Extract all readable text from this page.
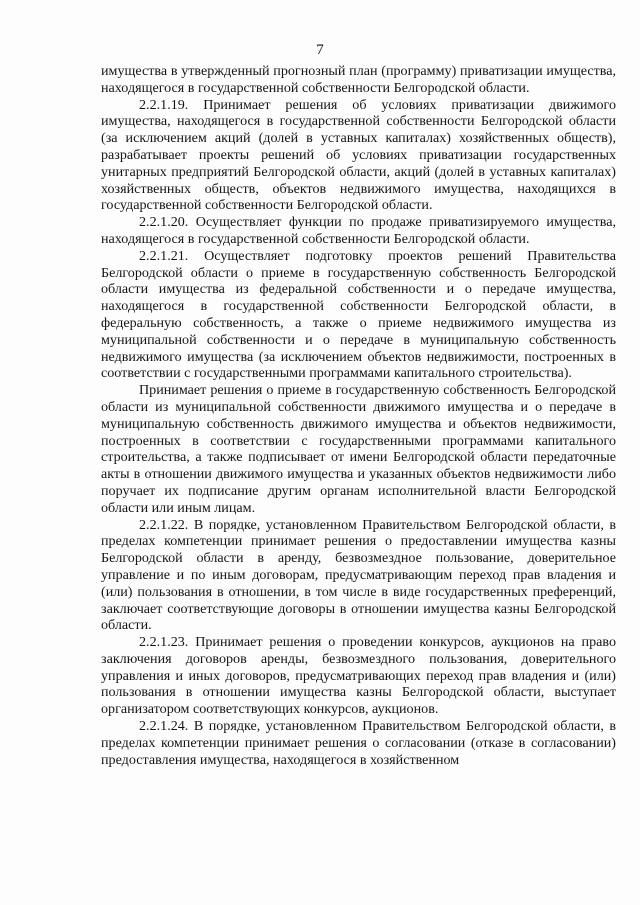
7

имущества в утвержденный прогнозный план (программу) приватизации имущества, находящегося в государственной собственности Белгородской области.

2.2.1.19. Принимает решения об условиях приватизации движимого имущества, находящегося в государственной собственности Белгородской области (за исключением акций (долей в уставных капиталах) хозяйственных обществ), разрабатывает проекты решений об условиях приватизации государственных унитарных предприятий Белгородской области, акций (долей в уставных капиталах) хозяйственных обществ, объектов недвижимого имущества, находящихся в государственной собственности Белгородской области.

2.2.1.20. Осуществляет функции по продаже приватизируемого имущества, находящегося в государственной собственности Белгородской области.

2.2.1.21. Осуществляет подготовку проектов решений Правительства Белгородской области о приеме в государственную собственность Белгородской области имущества из федеральной собственности и о передаче имущества, находящегося в государственной собственности Белгородской области, в федеральную собственность, а также о приеме недвижимого имущества из муниципальной собственности и о передаче в муниципальную собственность недвижимого имущества (за исключением объектов недвижимости, построенных в соответствии с государственными программами капитального строительства).

Принимает решения о приеме в государственную собственность Белгородской области из муниципальной собственности движимого имущества и о передаче в муниципальную собственность движимого имущества и объектов недвижимости, построенных в соответствии с государственными программами капитального строительства, а также подписывает от имени Белгородской области передаточные акты в отношении движимого имущества и указанных объектов недвижимости либо поручает их подписание другим органам исполнительной власти Белгородской области или иным лицам.

2.2.1.22. В порядке, установленном Правительством Белгородской области, в пределах компетенции принимает решения о предоставлении имущества казны Белгородской области в аренду, безвозмездное пользование, доверительное управление и по иным договорам, предусматривающим переход прав владения и (или) пользования в отношении, в том числе в виде государственных преференций, заключает соответствующие договоры в отношении имущества казны Белгородской области.

2.2.1.23. Принимает решения о проведении конкурсов, аукционов на право заключения договоров аренды, безвозмездного пользования, доверительного управления и иных договоров, предусматривающих переход прав владения и (или) пользования в отношении имущества казны Белгородской области, выступает организатором соответствующих конкурсов, аукционов.

2.2.1.24. В порядке, установленном Правительством Белгородской области, в пределах компетенции принимает решения о согласовании (отказе в согласовании) предоставления имущества, находящегося в хозяйственном
